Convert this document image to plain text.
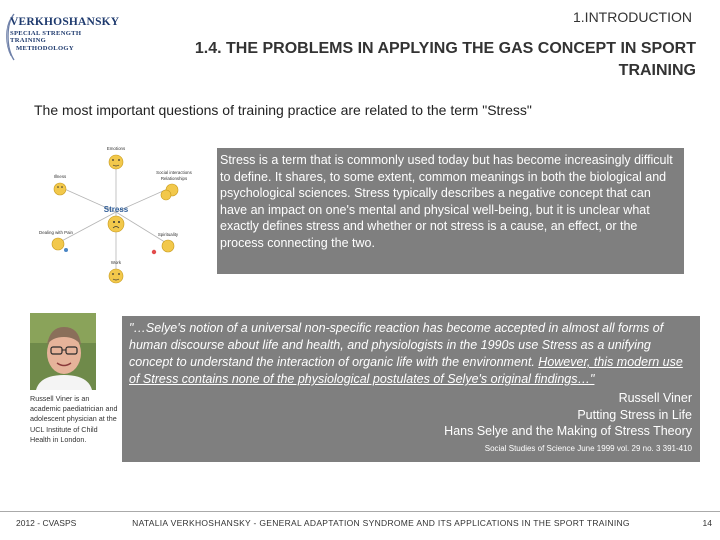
VERKHOSHANSKY
SPECIAL STRENGTH TRAINING
METHODOLOGY
1.INTRODUCTION
1.4. THE PROBLEMS IN APPLYING THE GAS CONCEPT IN SPORT
TRAINING
The most important questions of training practice are related to the term "Stress"
Emotions
Illness
Social interactions
Relationships
Dealing with Pain	Spirituality
Work
Stress
Stress is a term that is commonly used today but has become increasingly difficult to define. It shares, to some extent, common meanings in both the biological and psychological sciences. Stress typically describes a negative concept that can have an impact on one's mental and physical well-being, but it is unclear what exactly defines stress and whether or not stress is a cause, an effect, or the process connecting the two.
Russell Viner is an academic paediatrician and adolescent physician at the UCL Institute of Child Health in London.

"…Selye's notion of a universal non-specific reaction has become accepted in almost all forms of human discourse about life and health, and physiologists in the 1990s use Stress as a unifying concept to understand the interaction of organic life with the environment. However, this modern use of Stress contains none of the physiological postulates of Selye's original findings…"

Russell Viner
Putting Stress in Life
Hans Selye and the Making of Stress Theory
Social Studies of Science June 1999 vol. 29 no. 3 391-410
2012 - CVASPS	NATALIA VERKHOSHANSKY - GENERAL ADAPTATION SYNDROME AND ITS APPLICATIONS IN THE SPORT TRAINING	14
